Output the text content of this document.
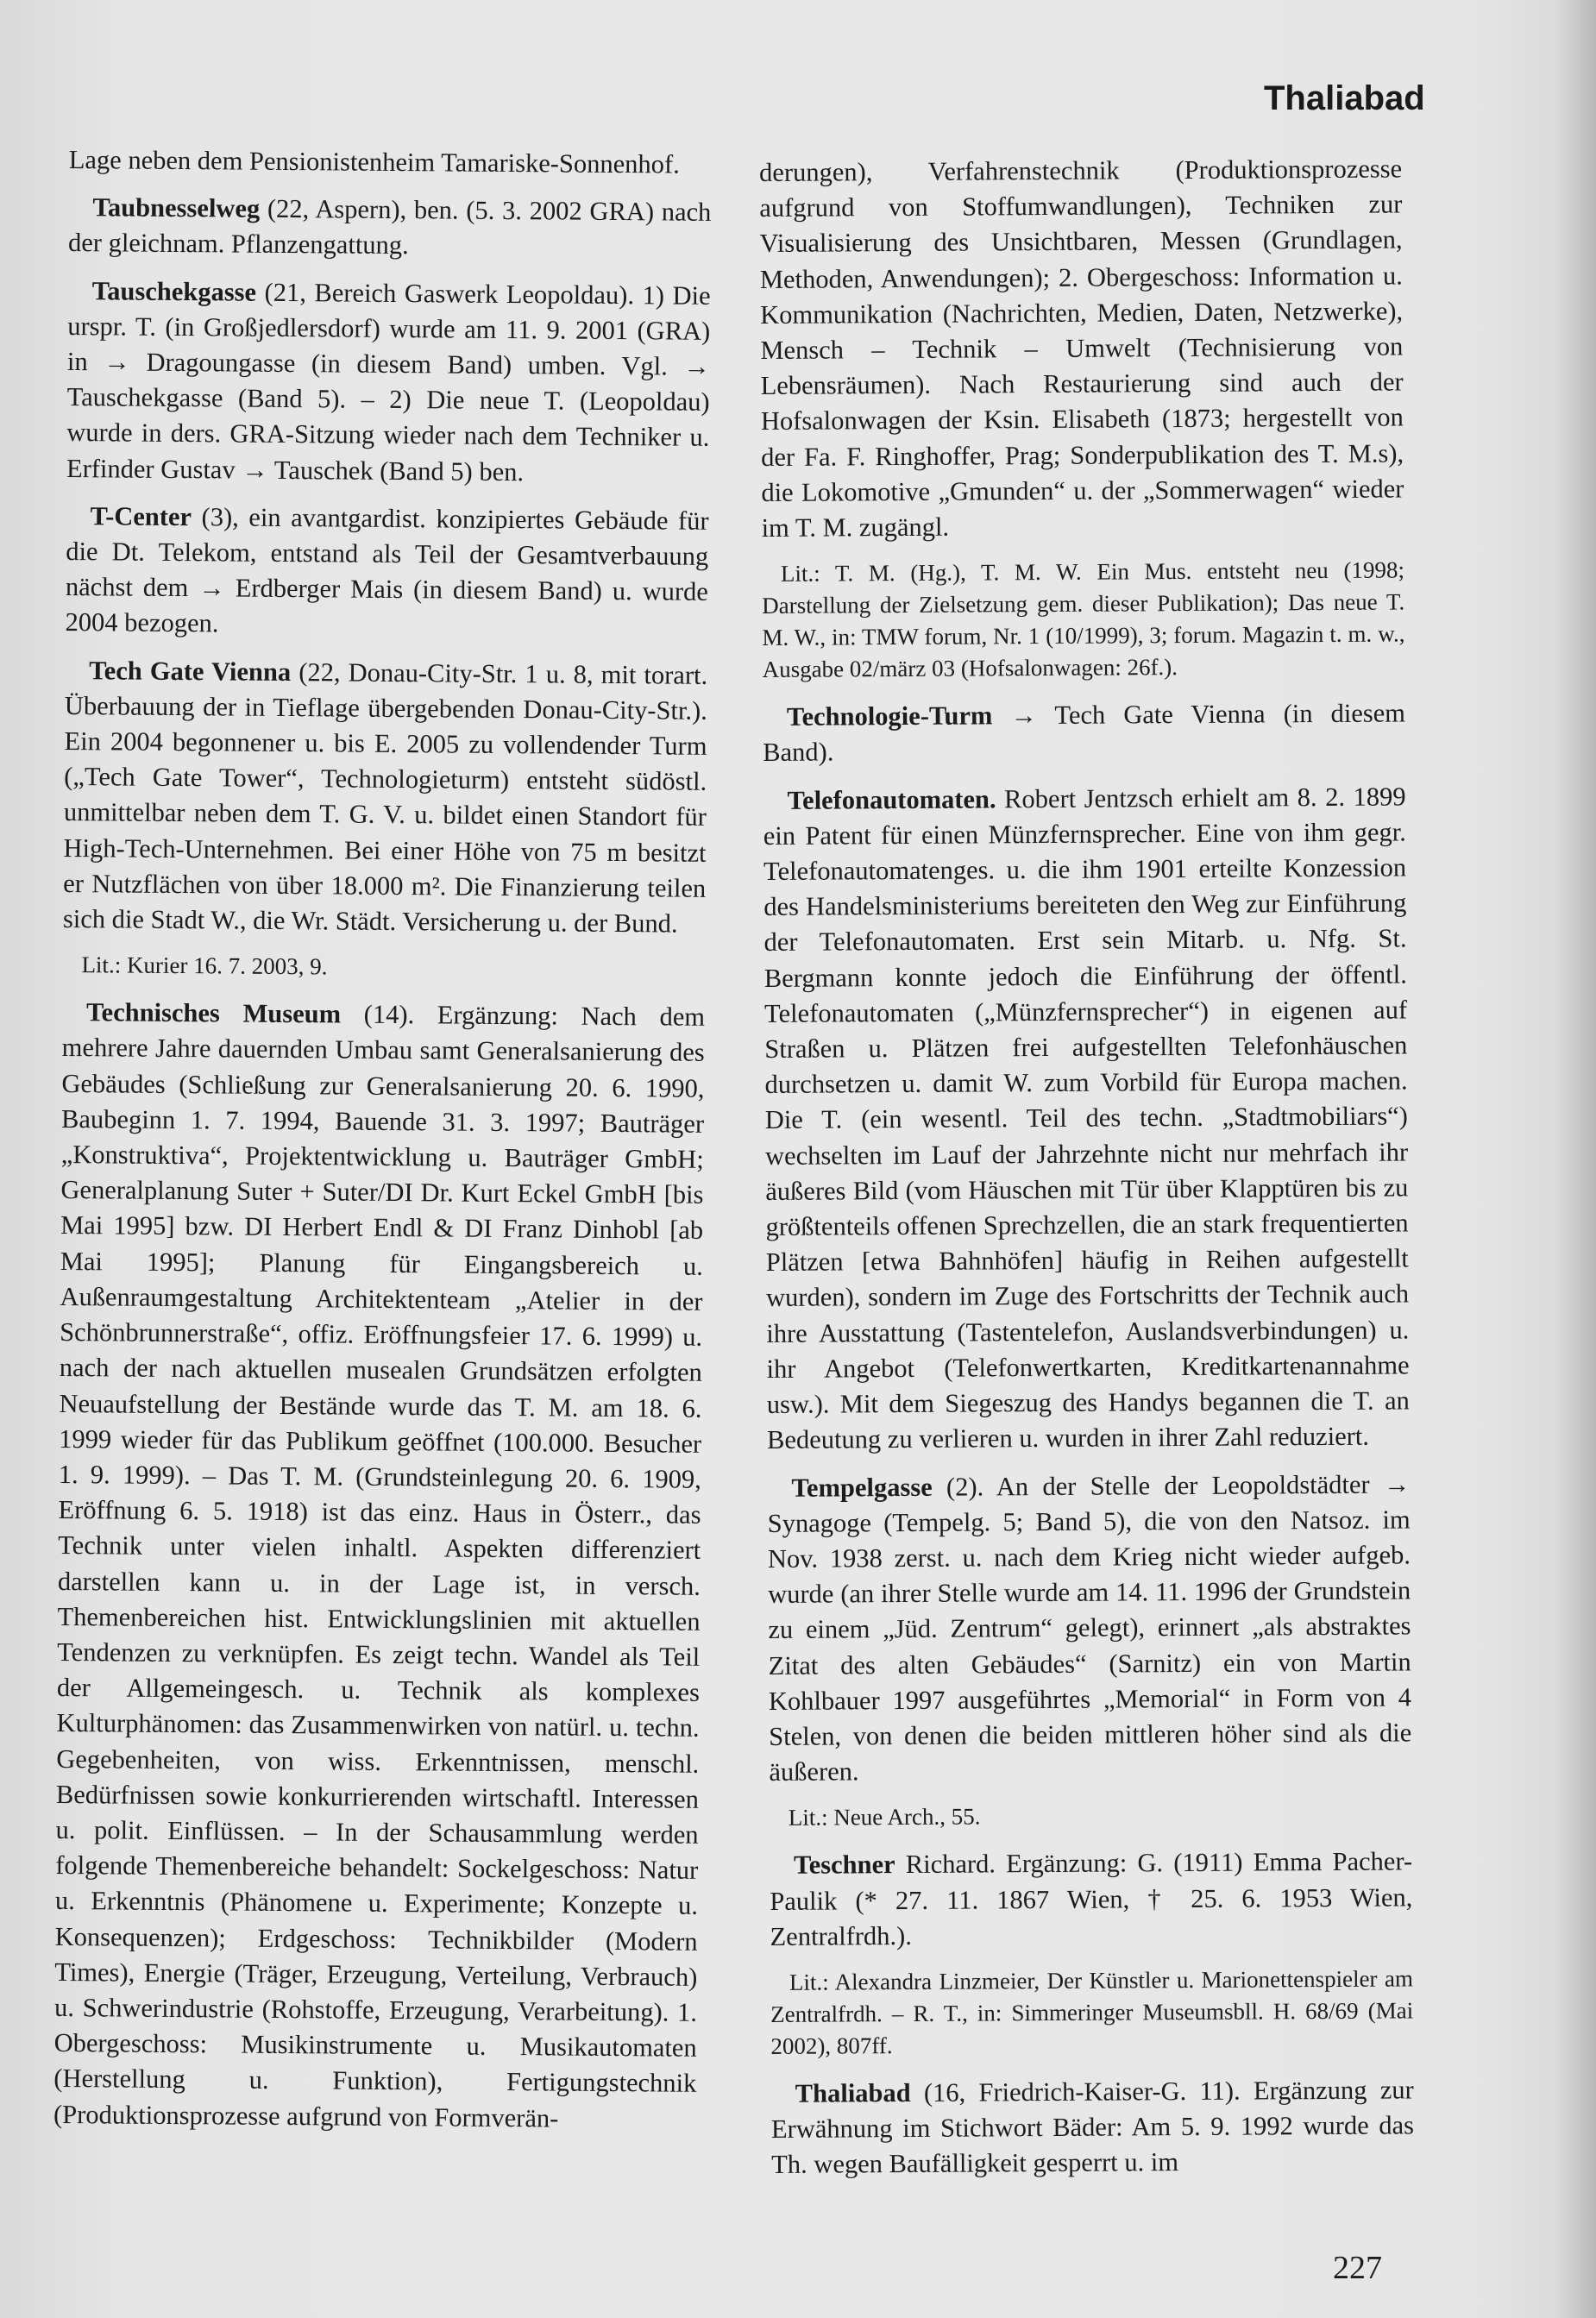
Thaliabad

Lage neben dem Pensionistenheim Tamariske-Sonnenhof.

Taubnesselweg (22, Aspern), ben. (5. 3. 2002 GRA) nach der gleichnam. Pflanzengattung.

Tauschekgasse (21, Bereich Gaswerk Leopoldau). 1) Die urspr. T. (in Großjedlersdorf) wurde am 11. 9. 2001 (GRA) in → Dragoungasse (in diesem Band) umben. Vgl. → Tauschekgasse (Band 5). – 2) Die neue T. (Leopoldau) wurde in ders. GRA-Sitzung wieder nach dem Techniker u. Erfinder Gustav → Tauschek (Band 5) ben.

T-Center (3), ein avantgardist. konzipiertes Gebäude für die Dt. Telekom, entstand als Teil der Gesamtverbauung nächst dem → Erdberger Mais (in diesem Band) u. wurde 2004 bezogen.

Tech Gate Vienna (22, Donau-City-Str. 1 u. 8, mit torart. Überbauung der in Tieflage übergebenden Donau-City-Str.). Ein 2004 begonnener u. bis E. 2005 zu vollendender Turm („Tech Gate Tower“, Technologieturm) entsteht südöstl. unmittelbar neben dem T. G. V. u. bildet einen Standort für High-Tech-Unternehmen. Bei einer Höhe von 75 m besitzt er Nutzflächen von über 18.000 m². Die Finanzierung teilen sich die Stadt W., die Wr. Städt. Versicherung u. der Bund.

Lit.: Kurier 16. 7. 2003, 9.

Technisches Museum (14). Ergänzung: Nach dem mehrere Jahre dauernden Umbau samt Generalsanierung des Gebäudes (Schließung zur Generalsanierung 20. 6. 1990, Baubeginn 1. 7. 1994, Bauende 31. 3. 1997; Bauträger „Konstruktiva“, Projektentwicklung u. Bauträger GmbH; Generalplanung Suter + Suter/DI Dr. Kurt Eckel GmbH [bis Mai 1995] bzw. DI Herbert Endl & DI Franz Dinhobl [ab Mai 1995]; Planung für Eingangsbereich u. Außenraumgestaltung Architektenteam „Atelier in der Schönbrunnerstraße“, offiz. Eröffnungsfeier 17. 6. 1999) u. nach der nach aktuellen musealen Grundsätzen erfolgten Neuaufstellung der Bestände wurde das T. M. am 18. 6. 1999 wieder für das Publikum geöffnet (100.000. Besucher 1. 9. 1999). – Das T. M. (Grundsteinlegung 20. 6. 1909, Eröffnung 6. 5. 1918) ist das einz. Haus in Österr., das Technik unter vielen inhaltl. Aspekten differenziert darstellen kann u. in der Lage ist, in versch. Themenbereichen hist. Entwicklungslinien mit aktuellen Tendenzen zu verknüpfen. Es zeigt techn. Wandel als Teil der Allgemeingesch. u. Technik als komplexes Kulturphänomen: das Zusammenwirken von natürl. u. techn. Gegebenheiten, von wiss. Erkenntnissen, menschl. Bedürfnissen sowie konkurrierenden wirtschaftl. Interessen u. polit. Einflüssen. – In der Schausammlung werden folgende Themenbereiche behandelt: Sockelgeschoss: Natur u. Erkenntnis (Phänomene u. Experimente; Konzepte u. Konsequenzen); Erdgeschoss: Technikbilder (Modern Times), Energie (Träger, Erzeugung, Verteilung, Verbrauch) u. Schwerindustrie (Rohstoffe, Erzeugung, Verarbeitung). 1. Obergeschoss: Musikinstrumente u. Musikautomaten (Herstellung u. Funktion), Fertigungstechnik (Produktionsprozesse aufgrund von Formverän-

derungen), Verfahrenstechnik (Produktionsprozesse aufgrund von Stoffumwandlungen), Techniken zur Visualisierung des Unsichtbaren, Messen (Grundlagen, Methoden, Anwendungen); 2. Obergeschoss: Information u. Kommunikation (Nachrichten, Medien, Daten, Netzwerke), Mensch – Technik – Umwelt (Technisierung von Lebensräumen). Nach Restaurierung sind auch der Hofsalonwagen der Ksin. Elisabeth (1873; hergestellt von der Fa. F. Ringhoffer, Prag; Sonderpublikation des T. M.s), die Lokomotive „Gmunden“ u. der „Sommerwagen“ wieder im T. M. zugängl.

Lit.: T. M. (Hg.), T. M. W. Ein Mus. entsteht neu (1998; Darstellung der Zielsetzung gem. dieser Publikation); Das neue T. M. W., in: TMW forum, Nr. 1 (10/1999), 3; forum. Magazin t. m. w., Ausgabe 02/märz 03 (Hofsalonwagen: 26f.).

Technologie-Turm → Tech Gate Vienna (in diesem Band).

Telefonautomaten. Robert Jentzsch erhielt am 8. 2. 1899 ein Patent für einen Münzfernsprecher. Eine von ihm gegr. Telefonautomatenges. u. die ihm 1901 erteilte Konzession des Handelsministeriums bereiteten den Weg zur Einführung der Telefonautomaten. Erst sein Mitarb. u. Nfg. St. Bergmann konnte jedoch die Einführung der öffentl. Telefonautomaten („Münzfernsprecher“) in eigenen auf Straßen u. Plätzen frei aufgestellten Telefonhäuschen durchsetzen u. damit W. zum Vorbild für Europa machen. Die T. (ein wesentl. Teil des techn. „Stadtmobiliars“) wechselten im Lauf der Jahrzehnte nicht nur mehrfach ihr äußeres Bild (vom Häuschen mit Tür über Klapptüren bis zu größtenteils offenen Sprechzellen, die an stark frequentierten Plätzen [etwa Bahnhöfen] häufig in Reihen aufgestellt wurden), sondern im Zuge des Fortschritts der Technik auch ihre Ausstattung (Tastentelefon, Auslandsverbindungen) u. ihr Angebot (Telefonwertkarten, Kreditkartenannahme usw.). Mit dem Siegeszug des Handys begannen die T. an Bedeutung zu verlieren u. wurden in ihrer Zahl reduziert.

Tempelgasse (2). An der Stelle der Leopoldstädter → Synagoge (Tempelg. 5; Band 5), die von den Natsoz. im Nov. 1938 zerst. u. nach dem Krieg nicht wieder aufgeb. wurde (an ihrer Stelle wurde am 14. 11. 1996 der Grundstein zu einem „Jüd. Zentrum“ gelegt), erinnert „als abstraktes Zitat des alten Gebäudes“ (Sarnitz) ein von Martin Kohlbauer 1997 ausgeführtes „Memorial“ in Form von 4 Stelen, von denen die beiden mittleren höher sind als die äußeren.

Lit.: Neue Arch., 55.

Teschner Richard. Ergänzung: G. (1911) Emma Pacher-Paulik (* 27. 11. 1867 Wien, † 25. 6. 1953 Wien, Zentralfrdh.).

Lit.: Alexandra Linzmeier, Der Künstler u. Marionettenspieler am Zentralfrdh. – R. T., in: Simmeringer Museumsbll. H. 68/69 (Mai 2002), 807ff.

Thaliabad (16, Friedrich-Kaiser-G. 11). Ergänzung zur Erwähnung im Stichwort Bäder: Am 5. 9. 1992 wurde das Th. wegen Baufälligkeit gesperrt u. im

227
